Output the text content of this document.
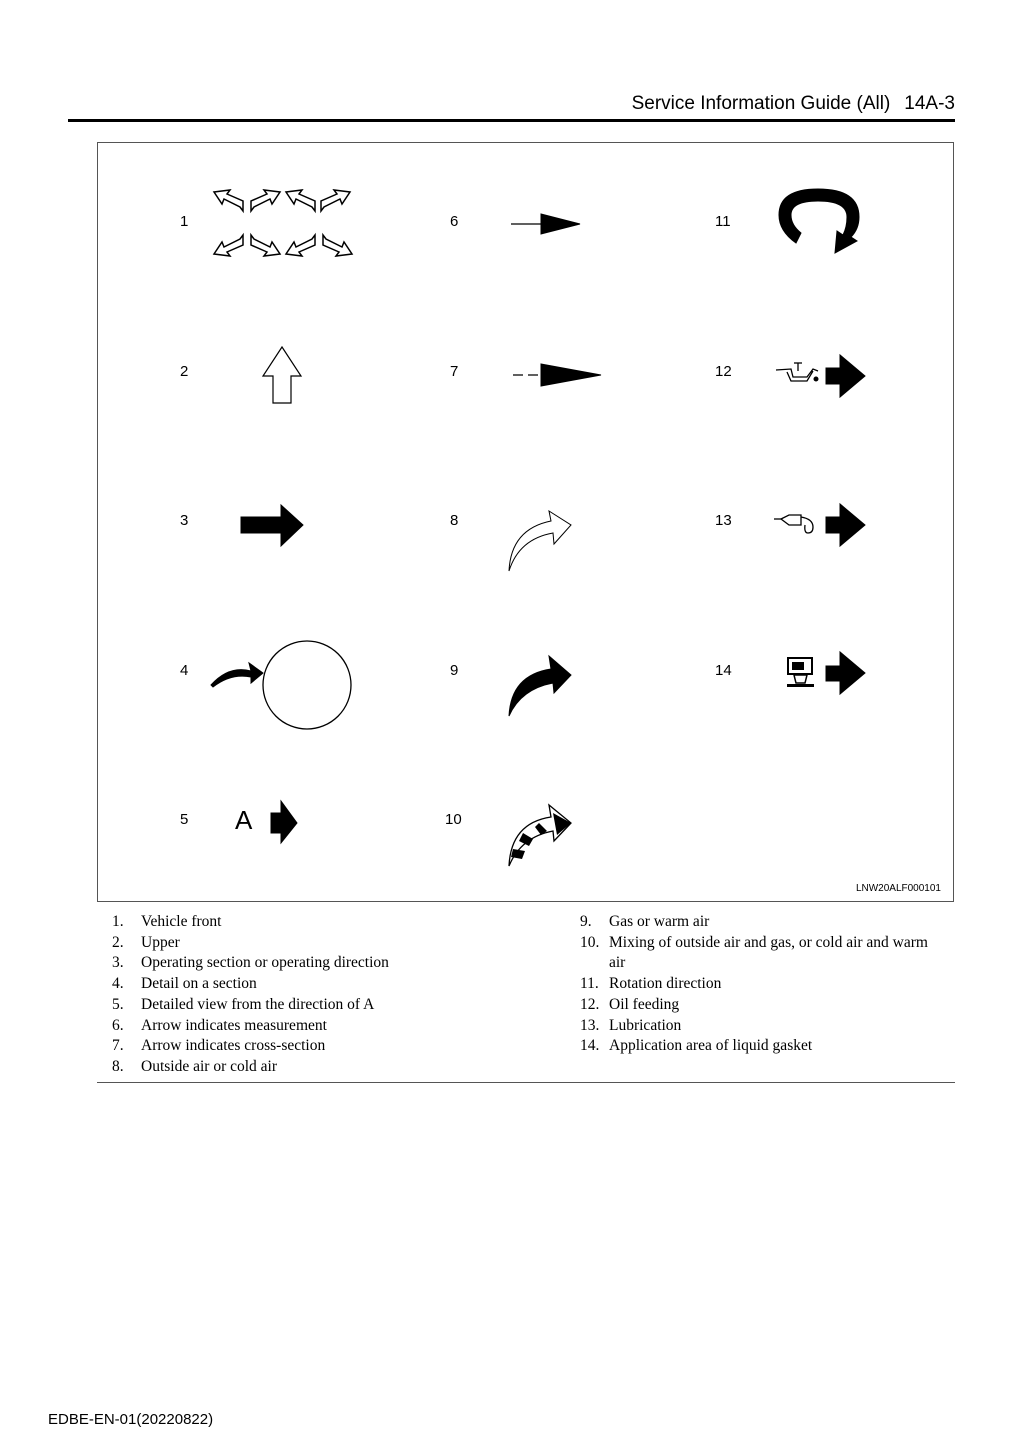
Service Information Guide (All) 14A-3
1
2
3
4
5 A
6
7
8
9
10
11
12
13
14
LNW20ALF000101
1.	Vehicle front
2.	Upper
3.	Operating section or operating direction
4.	Detail on a section
5.	Detailed view from the direction of A
6.	Arrow indicates measurement
7.	Arrow indicates cross-section
8.	Outside air or cold air
9.	Gas or warm air
10. Mixing of outside air and gas, or cold air and warm air
11. Rotation direction
12. Oil feeding
13. Lubrication
14. Application area of liquid gasket
EDBE-EN-01(20220822)
